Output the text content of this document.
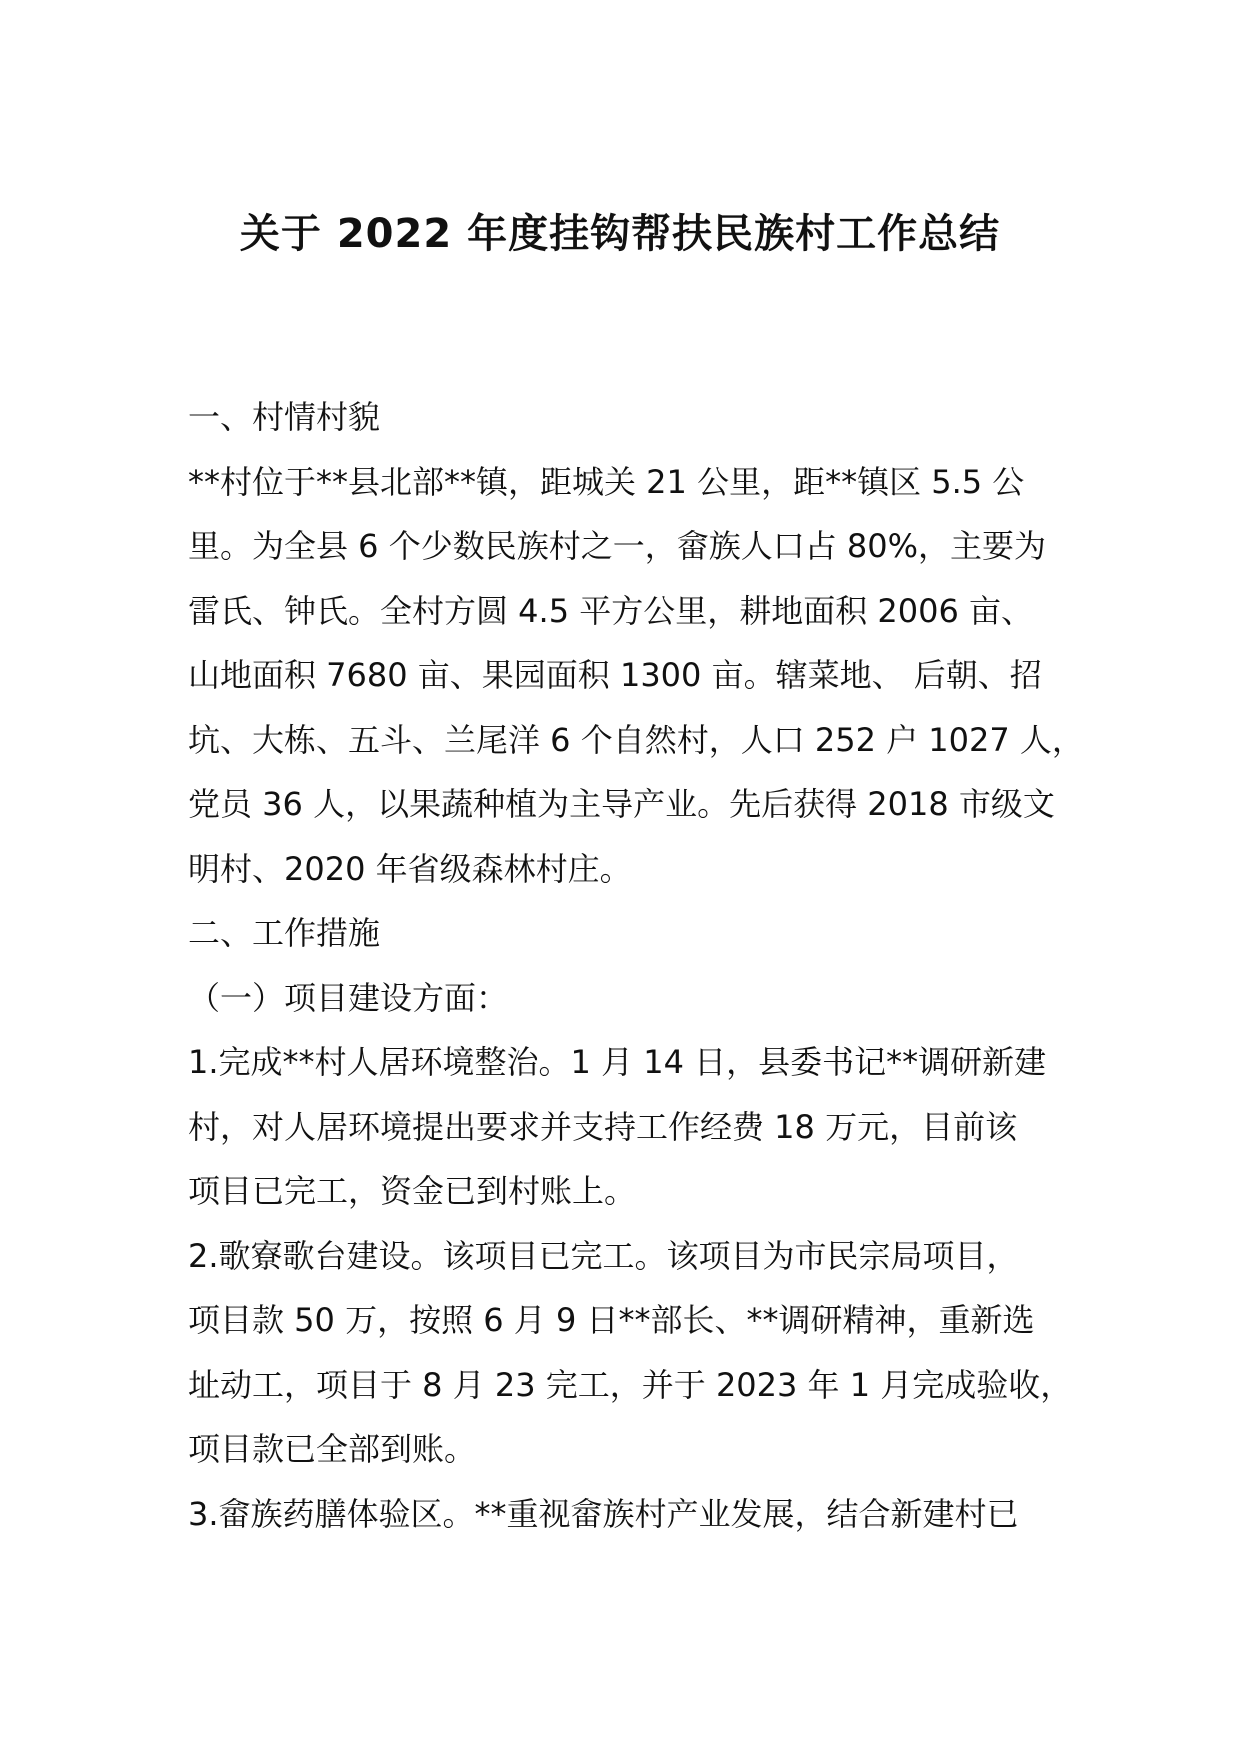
关于 2022 年度挂钩帮扶民族村工作总结
一、村情村貌
**村位于**县北部**镇，距城关 21 公里，距**镇区 5.5 公
里。为全县 6 个少数民族村之一，畲族人口占 80%，主要为
雷氏、钟氏。全村方圆 4.5 平方公里，耕地面积 2006 亩、
山地面积 7680 亩、果园面积 1300 亩。辖菜地、 后朝、招
坑、大栋、五斗、兰尾洋 6 个自然村，人口 252 户 1027 人，
党员 36 人，以果蔬种植为主导产业。先后获得 2018 市级文
明村、2020 年省级森林村庄。
二、工作措施
（一）项目建设方面：
1.完成**村人居环境整治。1 月 14 日，县委书记**调研新建
村，对人居环境提出要求并支持工作经费 18 万元，目前该
项目已完工，资金已到村账上。
2.歌寮歌台建设。该项目已完工。该项目为市民宗局项目，
项目款 50 万，按照 6 月 9 日**部长、**调研精神，重新选
址动工，项目于 8 月 23 完工，并于 2023 年 1 月完成验收，
项目款已全部到账。
3.畲族药膳体验区。**重视畲族村产业发展，结合新建村已
